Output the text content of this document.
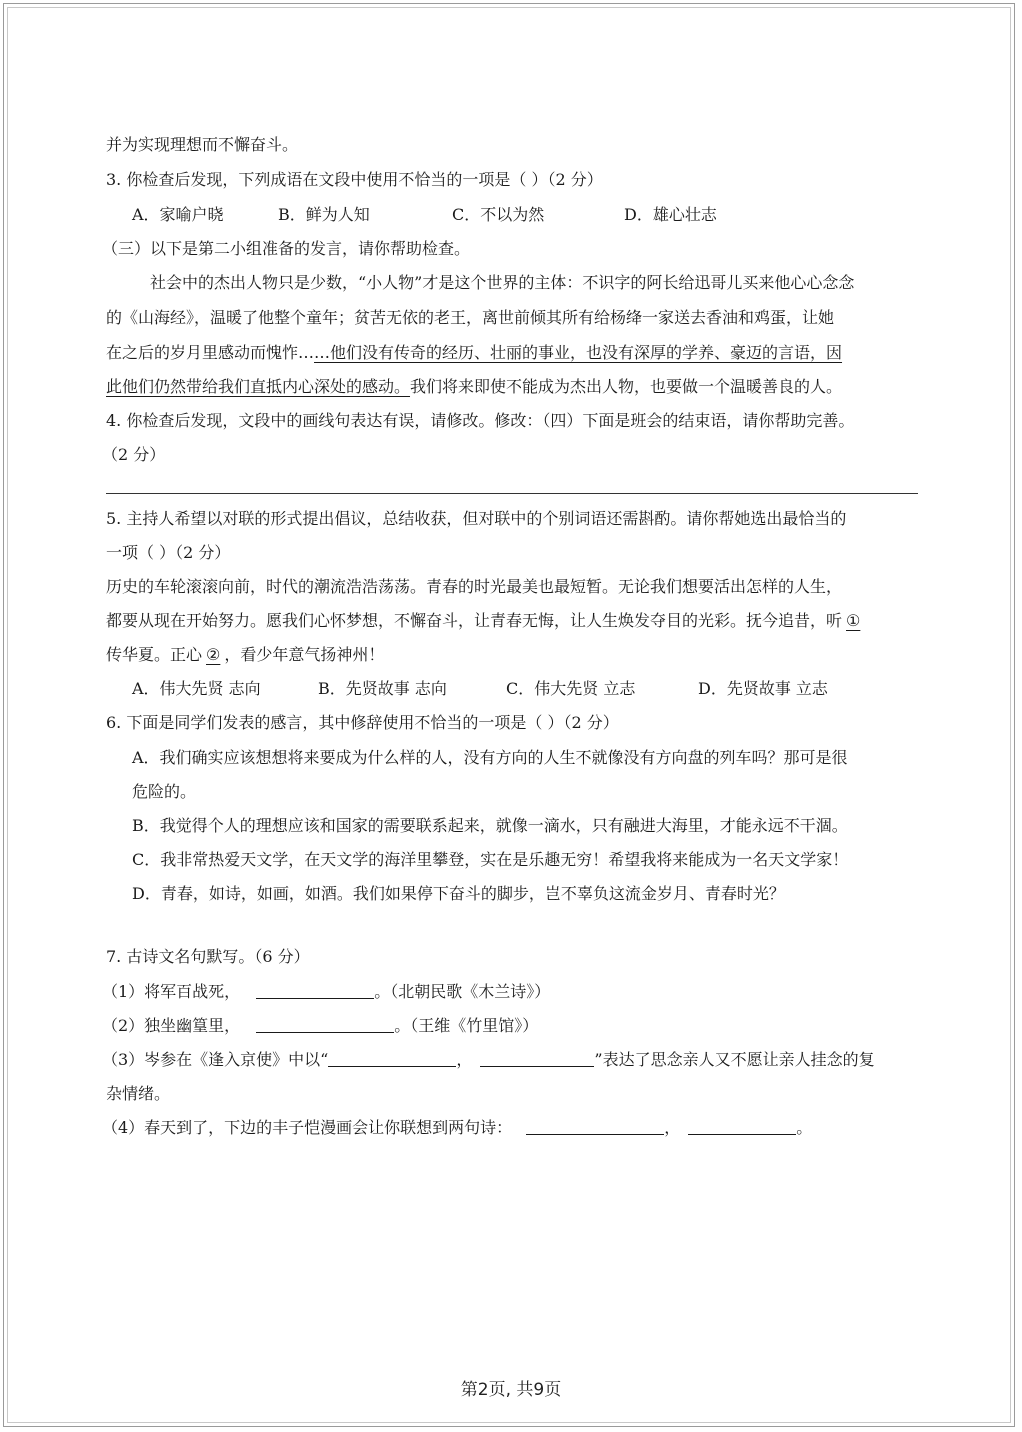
并为实现理想而不懈奋斗。
3. 你检查后发现，下列成语在文段中使用不恰当的一项是（ ）（2 分）
A．家喻户晓	B．鲜为人知	C．不以为然	D．雄心壮志
（三）以下是第二小组准备的发言，请你帮助检查。
社会中的杰出人物只是少数，“小人物”才是这个世界的主体：不识字的阿长给迅哥儿买来他心心念念
的《山海经》，温暖了他整个童年；贫苦无依的老王，离世前倾其所有给杨绛一家送去香油和鸡蛋，让她
在之后的岁月里感动而愧怍……他们没有传奇的经历、壮丽的事业，也没有深厚的学养、豪迈的言语，因
此他们仍然带给我们直抵内心深处的感动。我们将来即使不能成为杰出人物，也要做一个温暖善良的人。
4. 你检查后发现，文段中的画线句表达有误，请修改。修改：（四）下面是班会的结束语，请你帮助完善。
（2 分）
5. 主持人希望以对联的形式提出倡议，总结收获，但对联中的个别词语还需斟酌。请你帮她选出最恰当的
一项（ ）（2 分）
历史的车轮滚滚向前，时代的潮流浩浩荡荡。青春的时光最美也最短暂。无论我们想要活出怎样的人生，
都要从现在开始努力。愿我们心怀梦想，不懈奋斗，让青春无悔，让人生焕发夺目的光彩。抚今追昔，听 ①
传华夏。正心 ② ，看少年意气扬神州！
A．伟大先贤 志向	B．先贤故事 志向	C．伟大先贤 立志	D．先贤故事 立志
6. 下面是同学们发表的感言，其中修辞使用不恰当的一项是（ ）（2 分）
A．我们确实应该想想将来要成为什么样的人，没有方向的人生不就像没有方向盘的列车吗？那可是很
危险的。
B．我觉得个人的理想应该和国家的需要联系起来，就像一滴水，只有融进大海里，才能永远不干涸。
C．我非常热爱天文学，在天文学的海洋里攀登，实在是乐趣无穷！希望我将来能成为一名天文学家！
D．青春，如诗，如画，如酒。我们如果停下奋斗的脚步，岂不辜负这流金岁月、青春时光？
7. 古诗文名句默写。（6 分）
（1）将军百战死，	。（北朝民歌《木兰诗》）
（2）独坐幽篁里，	。（王维《竹里馆》）
（3）岑参在《逢入京使》中以“	，	”表达了思念亲人又不愿让亲人挂念的复
杂情绪。
（4）春天到了，下边的丰子恺漫画会让你联想到两句诗：	，	。
第2页, 共9页
